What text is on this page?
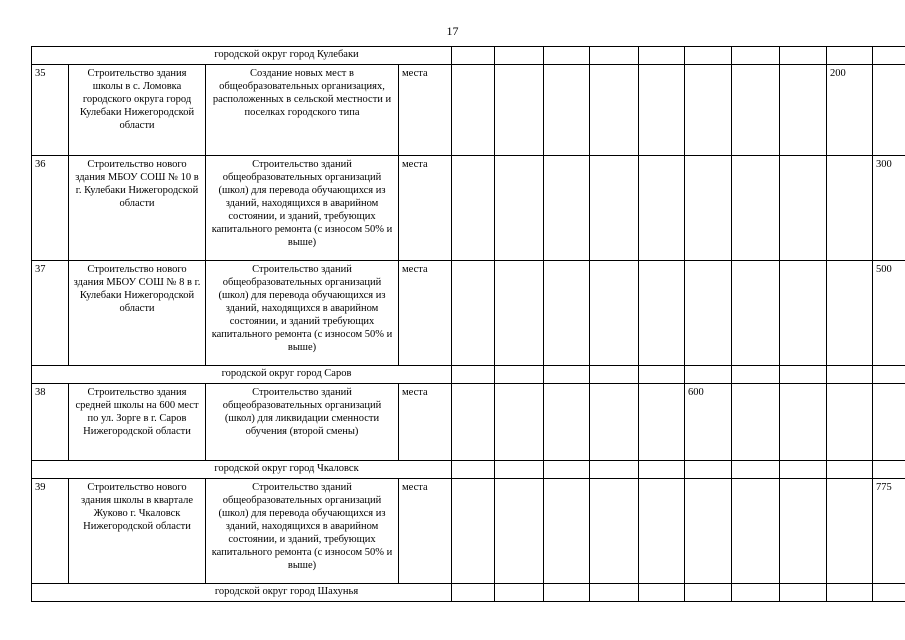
17
городской округ город Кулебаки													
35	Строительство здания школы в с. Ломовка городского округа город Кулебаки Нижегородской области	Создание новых мест в общеобразовательных организациях, расположенных в сельской местности и поселках городского типа	места									200	
36	Строительство нового здания МБОУ СОШ № 10 в г. Кулебаки Нижегородской области	Строительство зданий общеобразовательных организаций (школ) для перевода обучающихся из зданий, находящихся в аварийном состоянии, и зданий, требующих капитального ремонта (с износом 50% и выше)	места										300
37	Строительство нового здания МБОУ СОШ № 8 в г. Кулебаки Нижегородской области	Строительство зданий общеобразовательных организаций (школ) для перевода обучающихся из зданий, находящихся в аварийном состоянии, и зданий требующих капитального ремонта (с износом 50% и выше)	места										500
городской округ город Саров													
38	Строительство здания средней школы на 600 мест по ул. Зорге в г. Саров Нижегородской области	Строительство зданий общеобразовательных организаций (школ) для ликвидации сменности обучения (второй смены)	места						600				
городской округ город Чкаловск													
39	Строительство нового здания школы в квартале Жуково г. Чкаловск Нижегородской области	Строительство зданий общеобразовательных организаций (школ) для перевода обучающихся из зданий, находящихся в аварийном состоянии, и зданий, требующих капитального ремонта (с износом 50% и выше)	места										775
городской округ город Шахунья													
